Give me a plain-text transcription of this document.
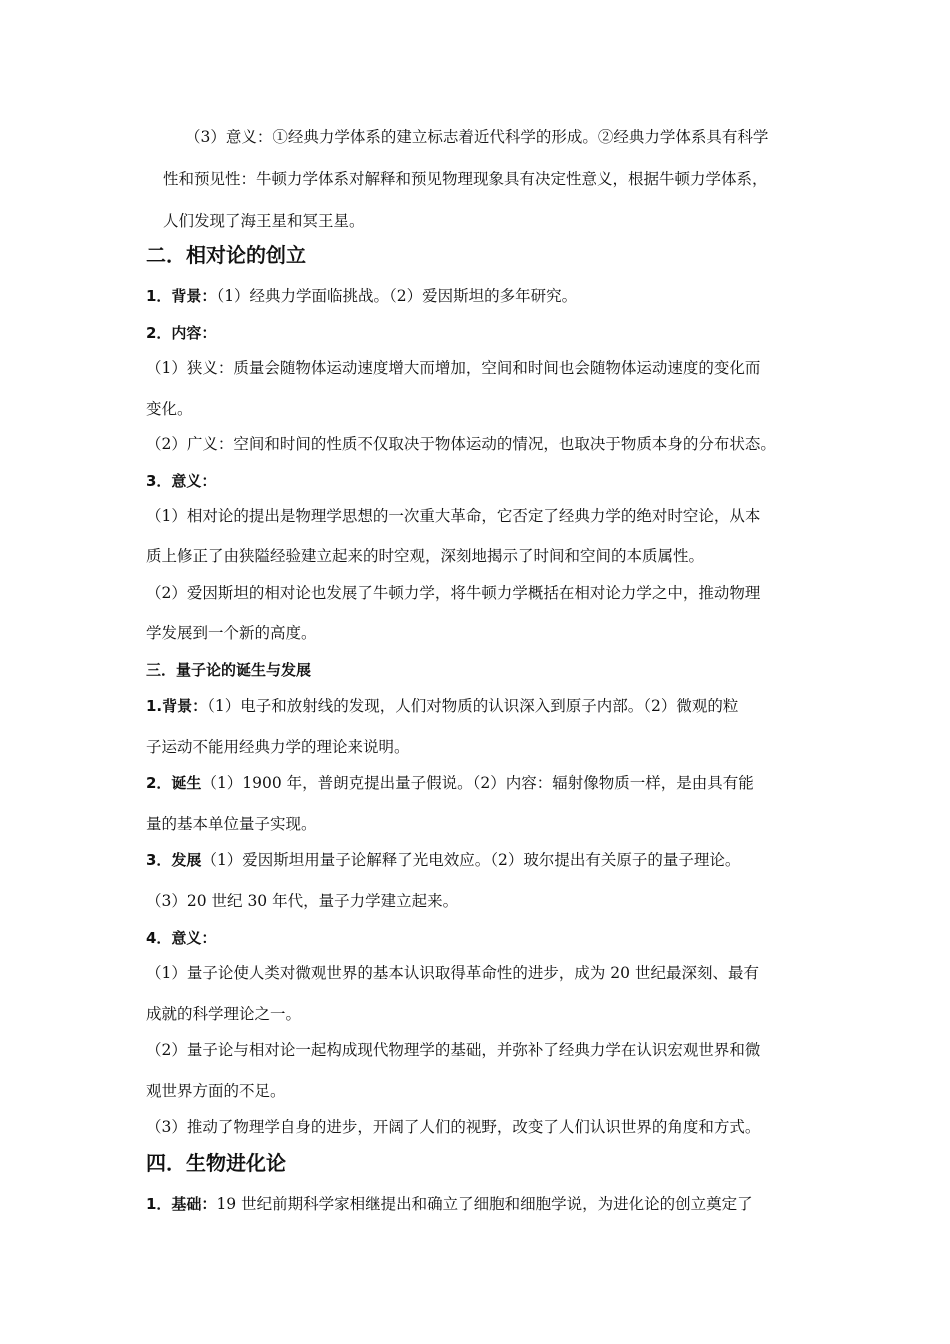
（3）意义：①经典力学体系的建立标志着近代科学的形成。②经典力学体系具有科学
性和预见性：牛顿力学体系对解释和预见物理现象具有决定性意义，根据牛顿力学体系，
人们发现了海王星和冥王星。
二．相对论的创立
1．背景：（1）经典力学面临挑战。（2）爱因斯坦的多年研究。
2．内容：
（1）狭义：质量会随物体运动速度增大而增加，空间和时间也会随物体运动速度的变化而
变化。
（2）广义：空间和时间的性质不仅取决于物体运动的情况，也取决于物质本身的分布状态。
3．意义：
（1）相对论的提出是物理学思想的一次重大革命，它否定了经典力学的绝对时空论，从本
质上修正了由狭隘经验建立起来的时空观，深刻地揭示了时间和空间的本质属性。
（2）爱因斯坦的相对论也发展了牛顿力学，将牛顿力学概括在相对论力学之中，推动物理
学发展到一个新的高度。
三．量子论的诞生与发展
1.背景：（1）电子和放射线的发现，人们对物质的认识深入到原子内部。（2）微观的粒
子运动不能用经典力学的理论来说明。
2．诞生（1）1900 年，普朗克提出量子假说。（2）内容：辐射像物质一样，是由具有能
量的基本单位量子实现。
3．发展（1）爱因斯坦用量子论解释了光电效应。（2）玻尔提出有关原子的量子理论。
（3）20 世纪 30 年代，量子力学建立起来。
4．意义：
（1）量子论使人类对微观世界的基本认识取得革命性的进步，成为 20 世纪最深刻、最有
成就的科学理论之一。
（2）量子论与相对论一起构成现代物理学的基础，并弥补了经典力学在认识宏观世界和微
观世界方面的不足。
（3）推动了物理学自身的进步，开阔了人们的视野，改变了人们认识世界的角度和方式。
四．生物进化论
1．基础：19 世纪前期科学家相继提出和确立了细胞和细胞学说，为进化论的创立奠定了
